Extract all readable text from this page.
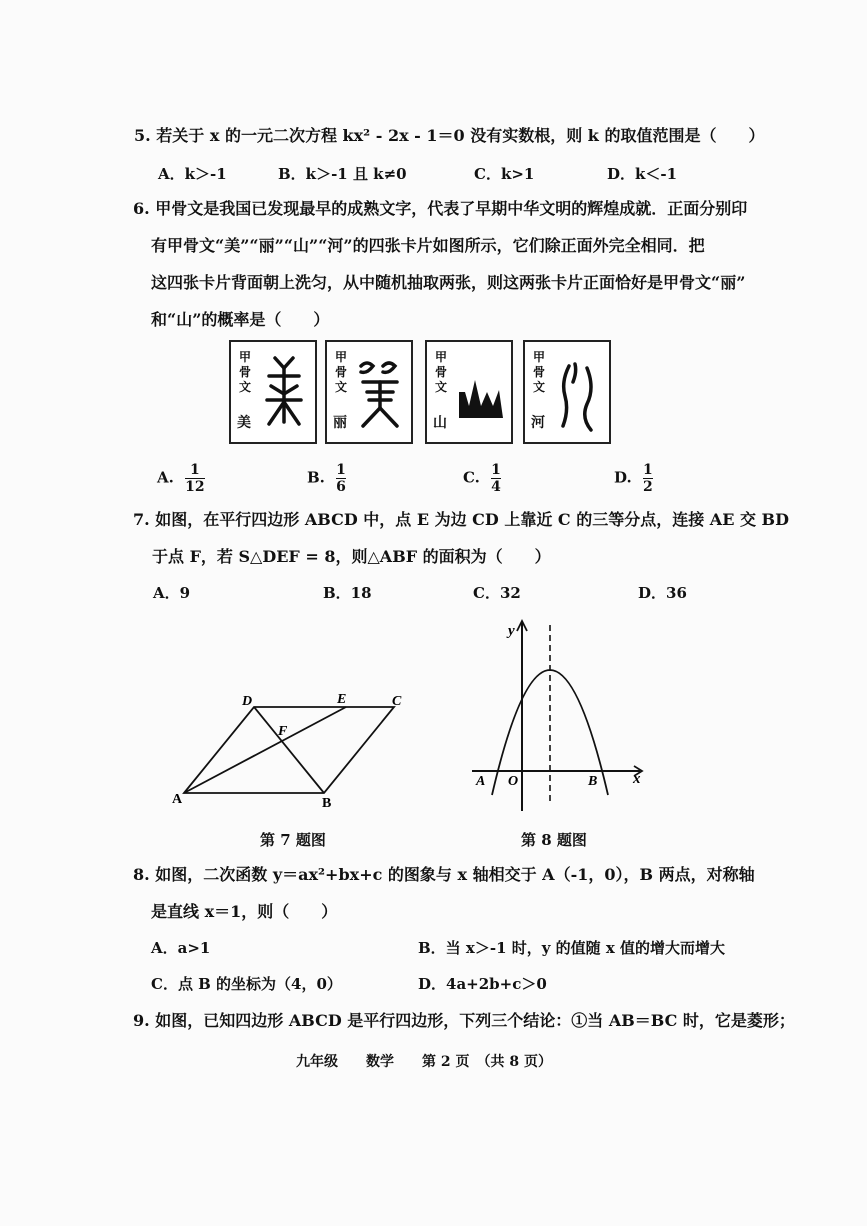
5. 若关于 x 的一元二次方程 kx² - 2x - 1＝0 没有实数根，则 k 的取值范围是（　　）
A．k＞-1	B．k＞-1 且 k≠0	C．k>1	D．k＜-1
6. 甲骨文是我国已发现最早的成熟文字，代表了早期中华文明的辉煌成就．正面分别印
有甲骨文“美”“丽”“山”“河”的四张卡片如图所示，它们除正面外完全相同．把
这四张卡片背面朝上洗匀，从中随机抽取两张，则这两张卡片正面恰好是甲骨文“丽”
和“山”的概率是（　　）
甲骨文
美
甲骨文
丽
甲骨文
山
甲骨文
河
A. $\frac{1}{12}$	B. $\frac{1}{6}$	C. $\frac{1}{4}$	D. $\frac{1}{2}$
7. 如图，在平行四边形 ABCD 中，点 E 为边 CD 上靠近 C 的三等分点，连接 AE 交 BD
于点 F，若 S△DEF = 8，则△ABF 的面积为（　　）
A．9	B．18	C．32	D．36
A	B
C
D	E
F
第 7 题图
y
x
O
A	B
第 8 题图
8. 如图，二次函数 y＝ax²+bx+c 的图象与 x 轴相交于 A（-1，0），B 两点，对称轴
是直线 x＝1，则（　　）
A．a>1	B．当 x＞-1 时，y 的值随 x 值的增大而增大
C．点 B 的坐标为（4，0）	D．4a+2b+c＞0
9. 如图，已知四边形 ABCD 是平行四边形，下列三个结论：①当 AB＝BC 时，它是菱形；
九年级　　数学　　第 2 页　（共 8 页）
